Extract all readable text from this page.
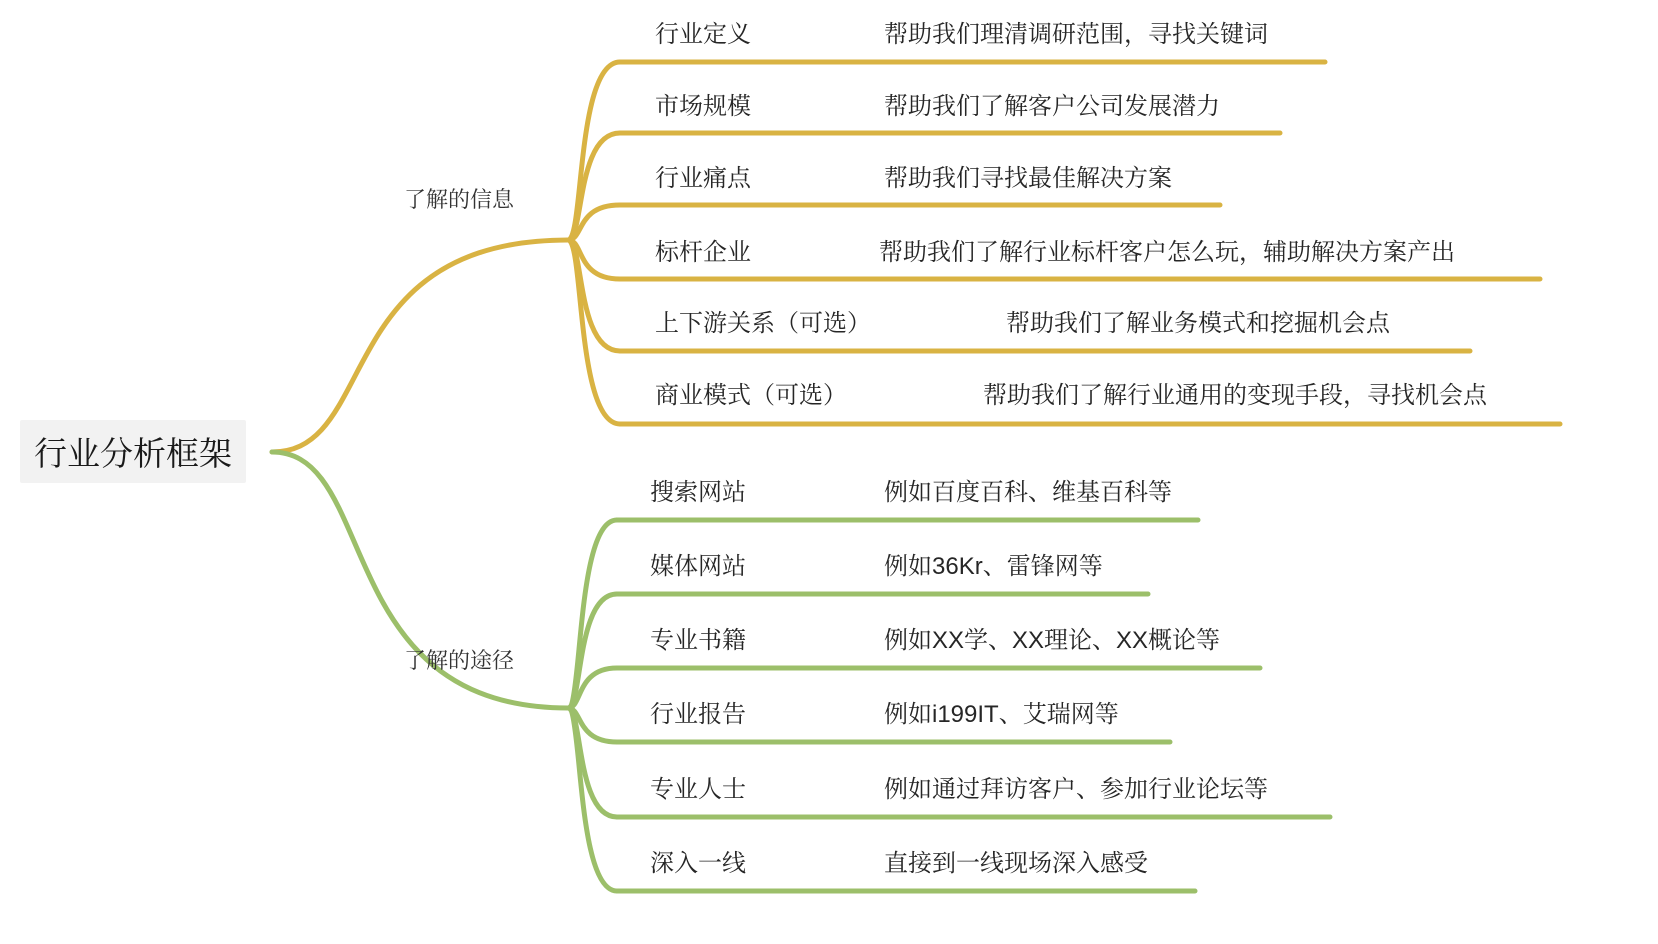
行业分析框架
了解的信息
行业定义	帮助我们理清调研范围，寻找关键词
市场规模	帮助我们了解客户公司发展潜力
行业痛点	帮助我们寻找最佳解决方案
标杆企业	帮助我们了解行业标杆客户怎么玩，辅助解决方案产出
上下游关系（可选）	帮助我们了解业务模式和挖掘机会点
商业模式（可选）	帮助我们了解行业通用的变现手段，寻找机会点
了解的途径
搜索网站	例如百度百科、维基百科等
媒体网站	例如36Kr、雷锋网等
专业书籍	例如XX学、XX理论、XX概论等
行业报告	例如i199IT、艾瑞网等
专业人士	例如通过拜访客户、参加行业论坛等
深入一线	直接到一线现场深入感受
